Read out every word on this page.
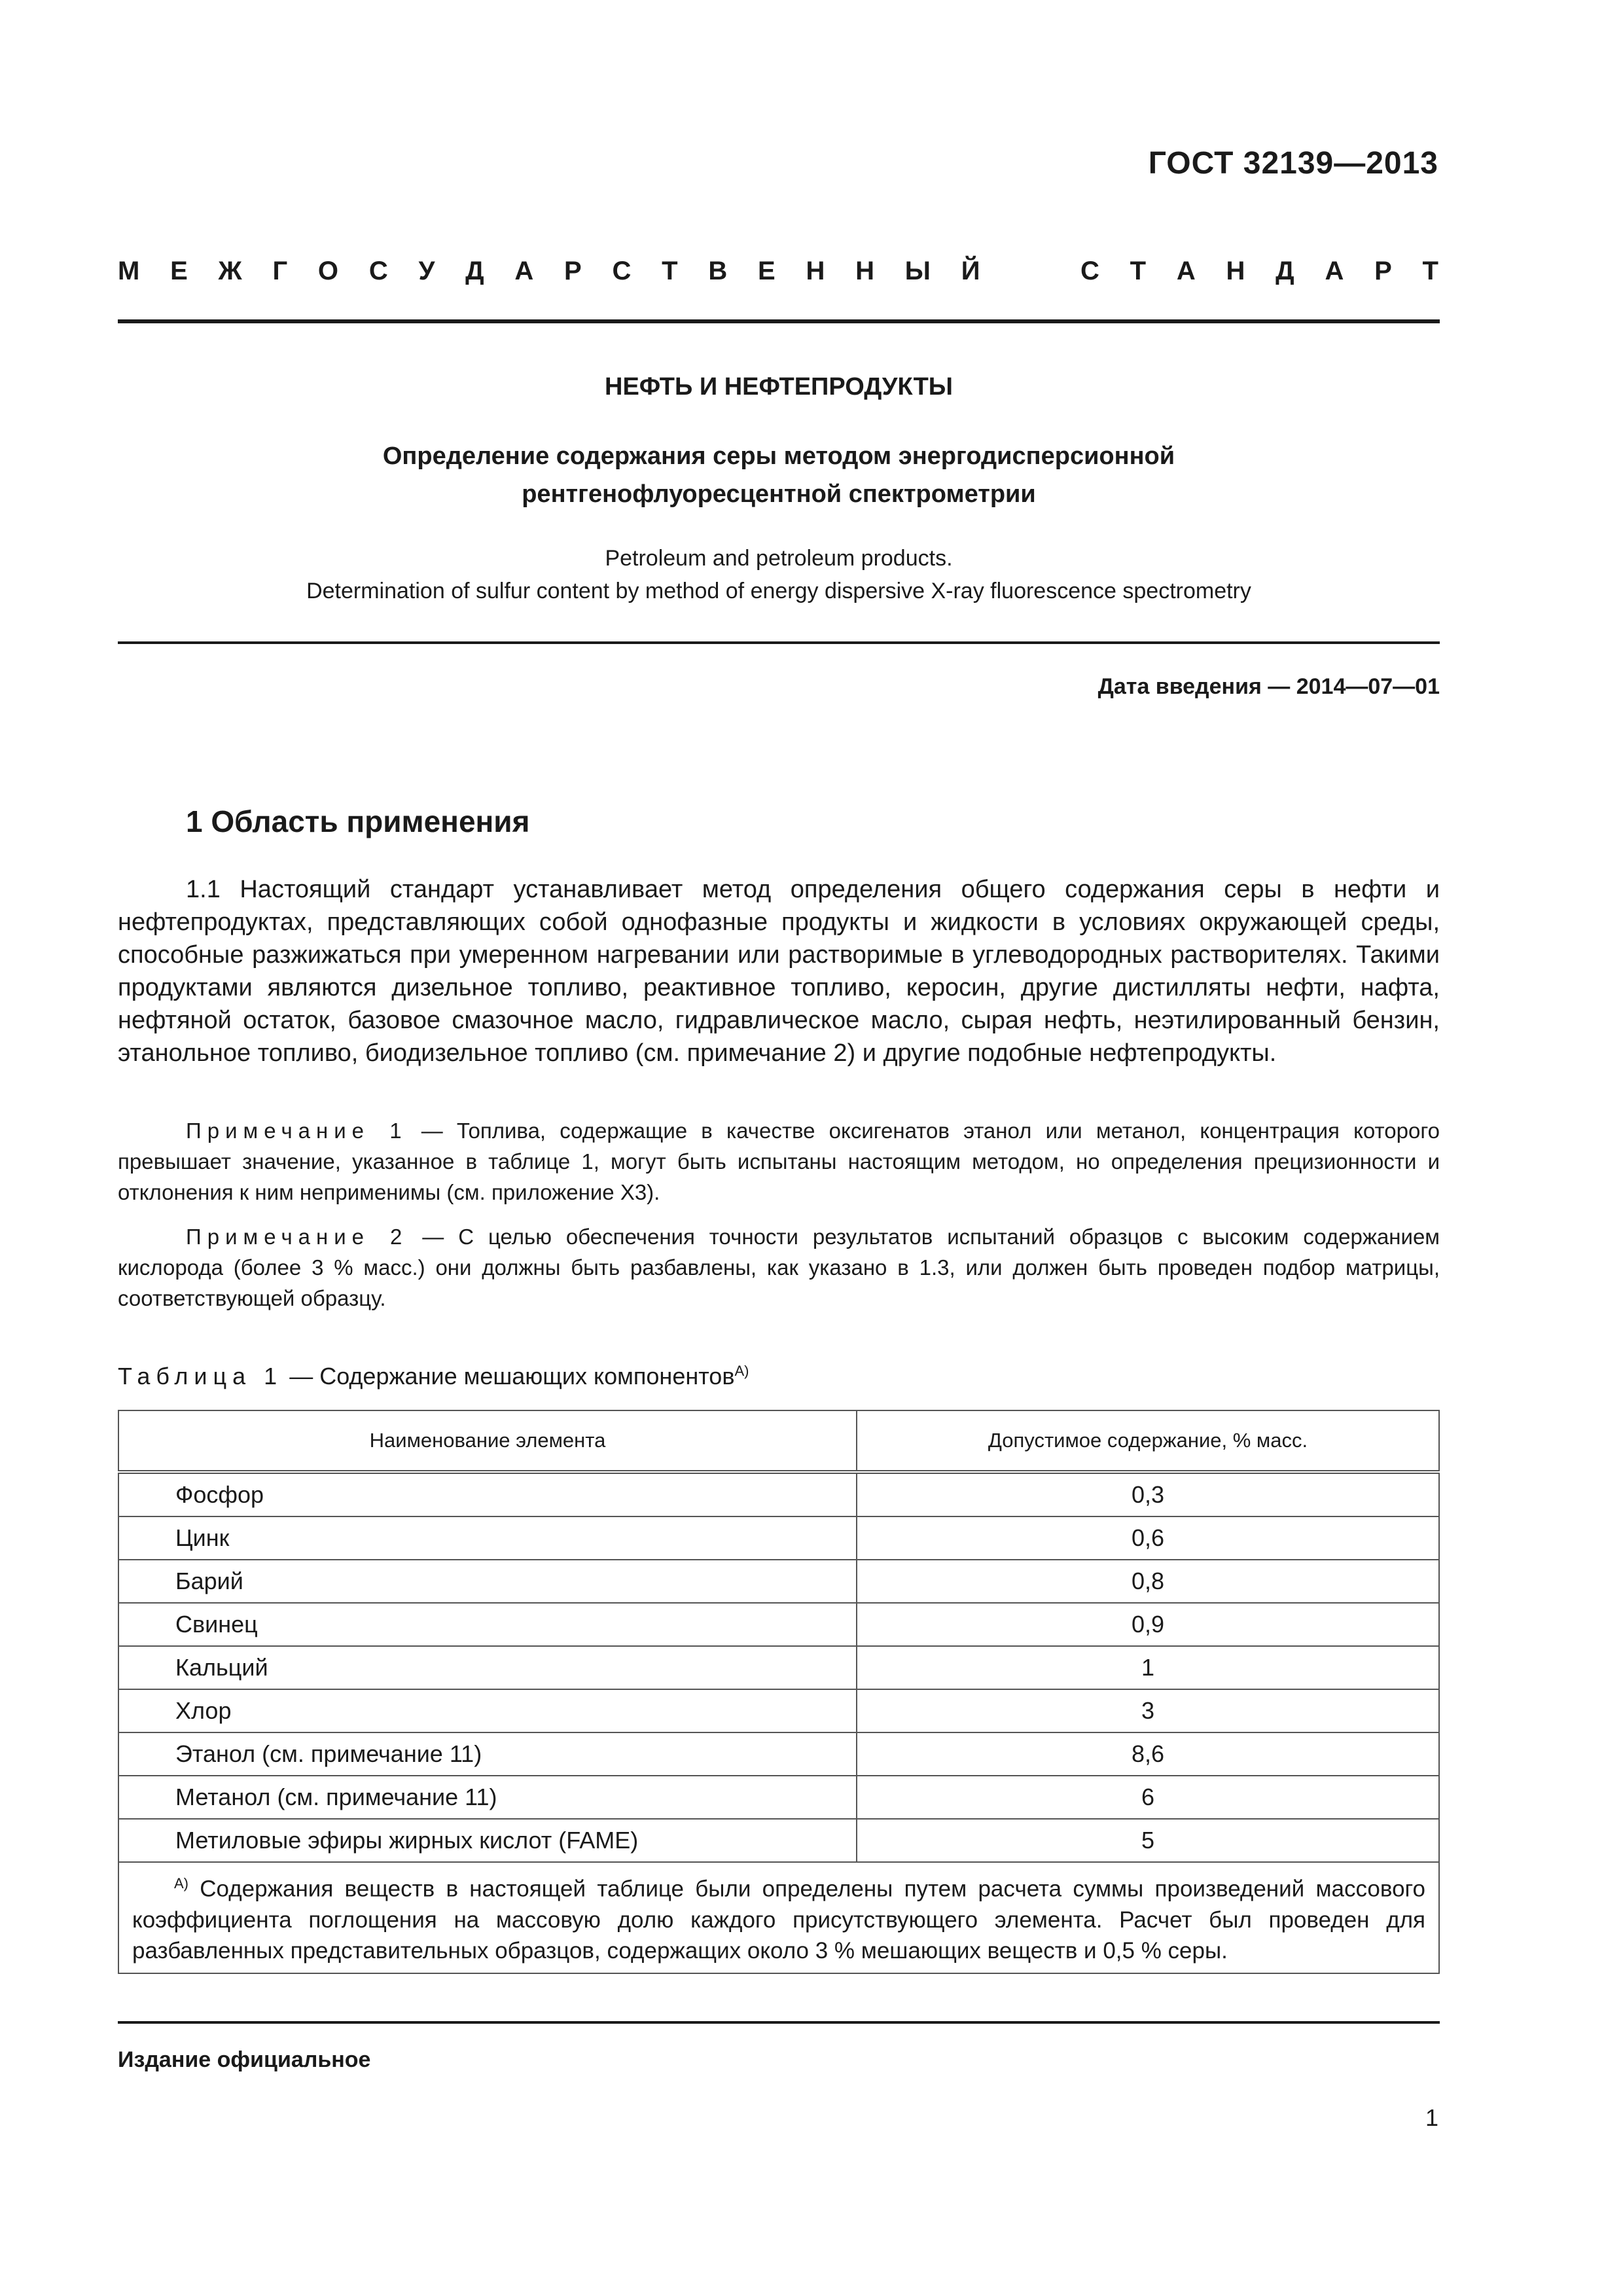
ГОСТ 32139—2013
М Е Ж Г О С У Д А Р С Т В Е Н Н Ы Й	С Т А Н Д А Р Т
НЕФТЬ И НЕФТЕПРОДУКТЫ
Определение содержания серы методом энергодисперсионной
рентгенофлуоресцентной спектрометрии
Petroleum and petroleum products.
Determination of sulfur content by method of energy dispersive X-ray fluorescence spectrometry
Дата введения — 2014—07—01
1 Область применения
1.1 Настоящий стандарт устанавливает метод определения общего содержания серы в нефти и нефтепродуктах, представляющих собой однофазные продукты и жидкости в условиях окружающей среды, способные разжижаться при умеренном нагревании или растворимые в углеводородных растворителях. Такими продуктами являются дизельное топливо, реактивное топливо, керосин, другие дистилляты нефти, нафта, нефтяной остаток, базовое смазочное масло, гидравлическое масло, сырая нефть, неэтилированный бензин, этанольное топливо, биодизельное топливо (см. примечание 2) и другие подобные нефтепродукты.
Примечание 1 — Топлива, содержащие в качестве оксигенатов этанол или метанол, концентрация которого превышает значение, указанное в таблице 1, могут быть испытаны настоящим методом, но определения прецизионности и отклонения к ним неприменимы (см. приложение Х3).
Примечание 2 — С целью обеспечения точности результатов испытаний образцов с высоким содержанием кислорода (более 3 % масс.) они должны быть разбавлены, как указано в 1.3, или должен быть проведен подбор матрицы, соответствующей образцу.
Таблица 1 — Содержание мешающих компонентов$^{А)}$
Наименование элемента	Допустимое содержание, % масс.
Фосфор	0,3
Цинк	0,6
Барий	0,8
Свинец	0,9
Кальций	1
Хлор	3
Этанол (см. примечание 11)	8,6
Метанол (см. примечание 11)	6
Метиловые эфиры жирных кислот (FAME)	5
$^{А)}$ Содержания веществ в настоящей таблице были определены путем расчета суммы произведений массового коэффициента поглощения на массовую долю каждого присутствующего элемента. Расчет был проведен для разбавленных представительных образцов, содержащих около 3 % мешающих веществ и 0,5 % серы.	
Издание официальное
1
